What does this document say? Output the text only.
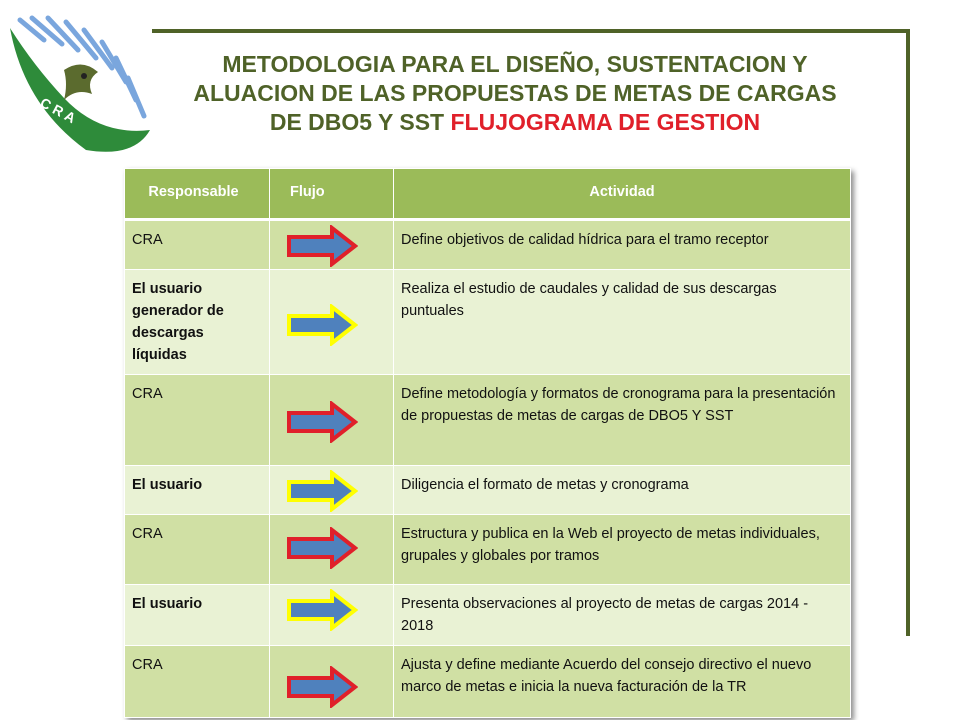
C R A
METODOLOGIA PARA EL DISEÑO, SUSTENTACION Y
ALUACION DE LAS PROPUESTAS DE METAS DE CARGAS
DE DBO5 Y SST FLUJOGRAMA DE GESTION
Responsable	Flujo	Actividad
CRA		Define objetivos de calidad hídrica para el tramo receptor
El usuario generador de descargas líquidas		Realiza el estudio de caudales y calidad de sus descargas puntuales
CRA		Define metodología y formatos de cronograma para la presentación de propuestas de metas de cargas de DBO5 Y SST
El usuario		Diligencia el formato de metas y cronograma
CRA		Estructura y publica en la Web el proyecto de metas individuales, grupales y globales por tramos
El usuario		Presenta observaciones al proyecto de metas de cargas 2014 - 2018
CRA		Ajusta y define mediante Acuerdo del consejo directivo el nuevo marco de metas e inicia la nueva facturación de la TR
